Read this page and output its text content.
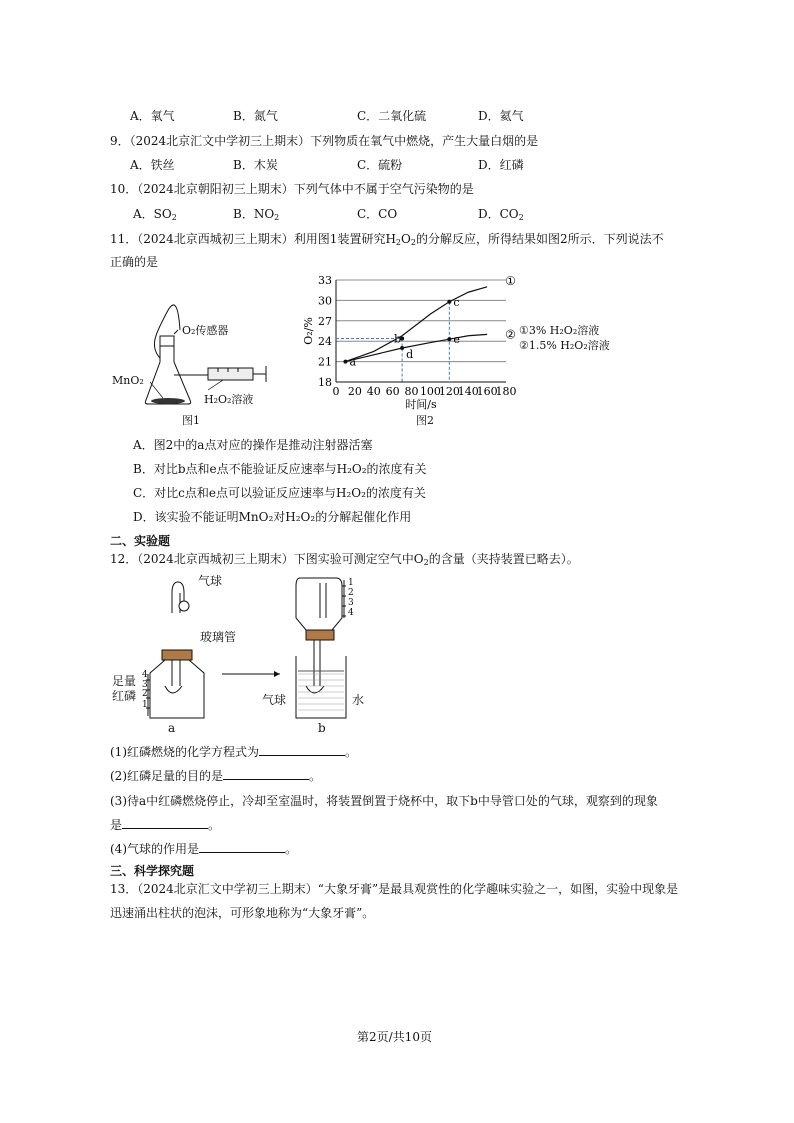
A．氧气	B．氮气	C．二氧化硫	D．氦气
9．（2024北京汇文中学初三上期末）下列物质在氧气中燃烧，产生大量白烟的是
A．铁丝	B．木炭	C．硫粉	D．红磷
10．（2024北京朝阳初三上期末）下列气体中不属于空气污染物的是
A．$SO_2$	B．$NO_2$	C．CO	D．$CO_2$
11．（2024北京西城初三上期末）利用图1装置研究$H_2O_2$的分解反应，所得结果如图2所示．下列说法不
正确的是
O₂传感器
MnO₂
H₂O₂溶液
图1
18
21
24
27
30
33
0 20 40 60 80 100
120
140
160
180
时间/s
O₂/%
a
b
d
c
e
①
② ①3% H₂O₂溶液
②1.5% H₂O₂溶液
图2
A．图2中的a点对应的操作是推动注射器活塞
B．对比b点和e点不能验证反应速率与H₂O₂的浓度有关
C．对比c点和e点可以验证反应速率与H₂O₂的浓度有关
D．该实验不能证明MnO₂对H₂O₂的分解起催化作用
二、实验题
12．（2024北京西城初三上期末）下图实验可测定空气中$O_2$的含量（夹持装置已略去）。
气球
玻璃管
足量
红磷
4
3
2
1
a
1
2
3
4
气球	水
b
(1)红磷燃烧的化学方程式为	。
(2)红磷足量的目的是	。
(3)待a中红磷燃烧停止，冷却至室温时，将装置倒置于烧杯中，取下b中导管口处的气球，观察到的现象
是	。
(4)气球的作用是	。
三、科学探究题
13．（2024北京汇文中学初三上期末）“大象牙膏”是最具观赏性的化学趣味实验之一，如图，实验中现象是
迅速涌出柱状的泡沫，可形象地称为“大象牙膏”。
第2页/共10页
